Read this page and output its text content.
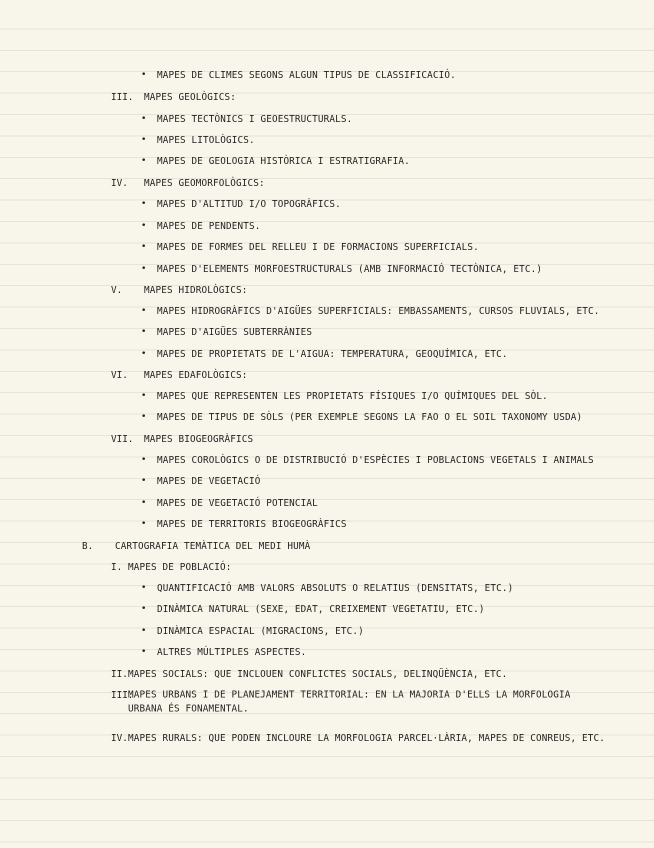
• MAPES DE CLIMES SEGONS ALGUN TIPUS DE CLASSIFICACIÓ.
III. MAPES GEOLÒGICS:
• MAPES TECTÒNICS I GEOESTRUCTURALS.
• MAPES LITOLÒGICS.
• MAPES DE GEOLOGIA HISTÒRICA I ESTRATIGRAFIA.
IV. MAPES GEOMORFOLÒGICS:
• MAPES D'ALTITUD I/O TOPOGRÀFICS.
• MAPES DE PENDENTS.
• MAPES DE FORMES DEL RELLEU I DE FORMACIONS SUPERFICIALS.
• MAPES D'ELEMENTS MORFOESTRUCTURALS (AMB INFORMACIÓ TECTÒNICA, ETC.)
V. MAPES HIDROLÒGICS:
• MAPES HIDROGRÀFICS D'AIGÜES SUPERFICIALS: EMBASSAMENTS, CURSOS FLUVIALS, ETC.
• MAPES D'AIGÜES SUBTERRÀNIES
• MAPES DE PROPIETATS DE L'AIGUA: TEMPERATURA, GEOQUÍMICA, ETC.
VI. MAPES EDAFOLÒGICS:
• MAPES QUE REPRESENTEN LES PROPIETATS FÍSIQUES I/O QUÍMIQUES DEL SÒL.
• MAPES DE TIPUS DE SÒLS (PER EXEMPLE SEGONS LA FAO O EL SOIL TAXONOMY USDA)
VII. MAPES BIOGEOGRÀFICS
• MAPES COROLÒGICS O DE DISTRIBUCIÓ D'ESPÈCIES I POBLACIONS VEGETALS I ANIMALS
• MAPES DE VEGETACIÓ
• MAPES DE VEGETACIÓ POTENCIAL
• MAPES DE TERRITORIS BIOGEOGRÀFICS
B. CARTOGRAFIA TEMÀTICA DEL MEDI HUMÀ
I. MAPES DE POBLACIÓ:
• QUANTIFICACIÓ AMB VALORS ABSOLUTS O RELATIUS (DENSITATS, ETC.)
• DINÀMICA NATURAL (SEXE, EDAT, CREIXEMENT VEGETATIU, ETC.)
• DINÀMICA ESPACIAL (MIGRACIONS, ETC.)
• ALTRES MÚLTIPLES ASPECTES.
II. MAPES SOCIALS: QUE INCLOUEN CONFLICTES SOCIALS, DELINQÜÈNCIA, ETC.
III.
MAPES URBANS I DE PLANEJAMENT TERRITORIAL: EN LA MAJORIA D'ELLS LA MORFOLOGIA URBANA ÉS FONAMENTAL.
IV. MAPES RURALS: QUE PODEN INCLOURE LA MORFOLOGIA PARCEL·LÀRIA, MAPES DE CONREUS, ETC.
